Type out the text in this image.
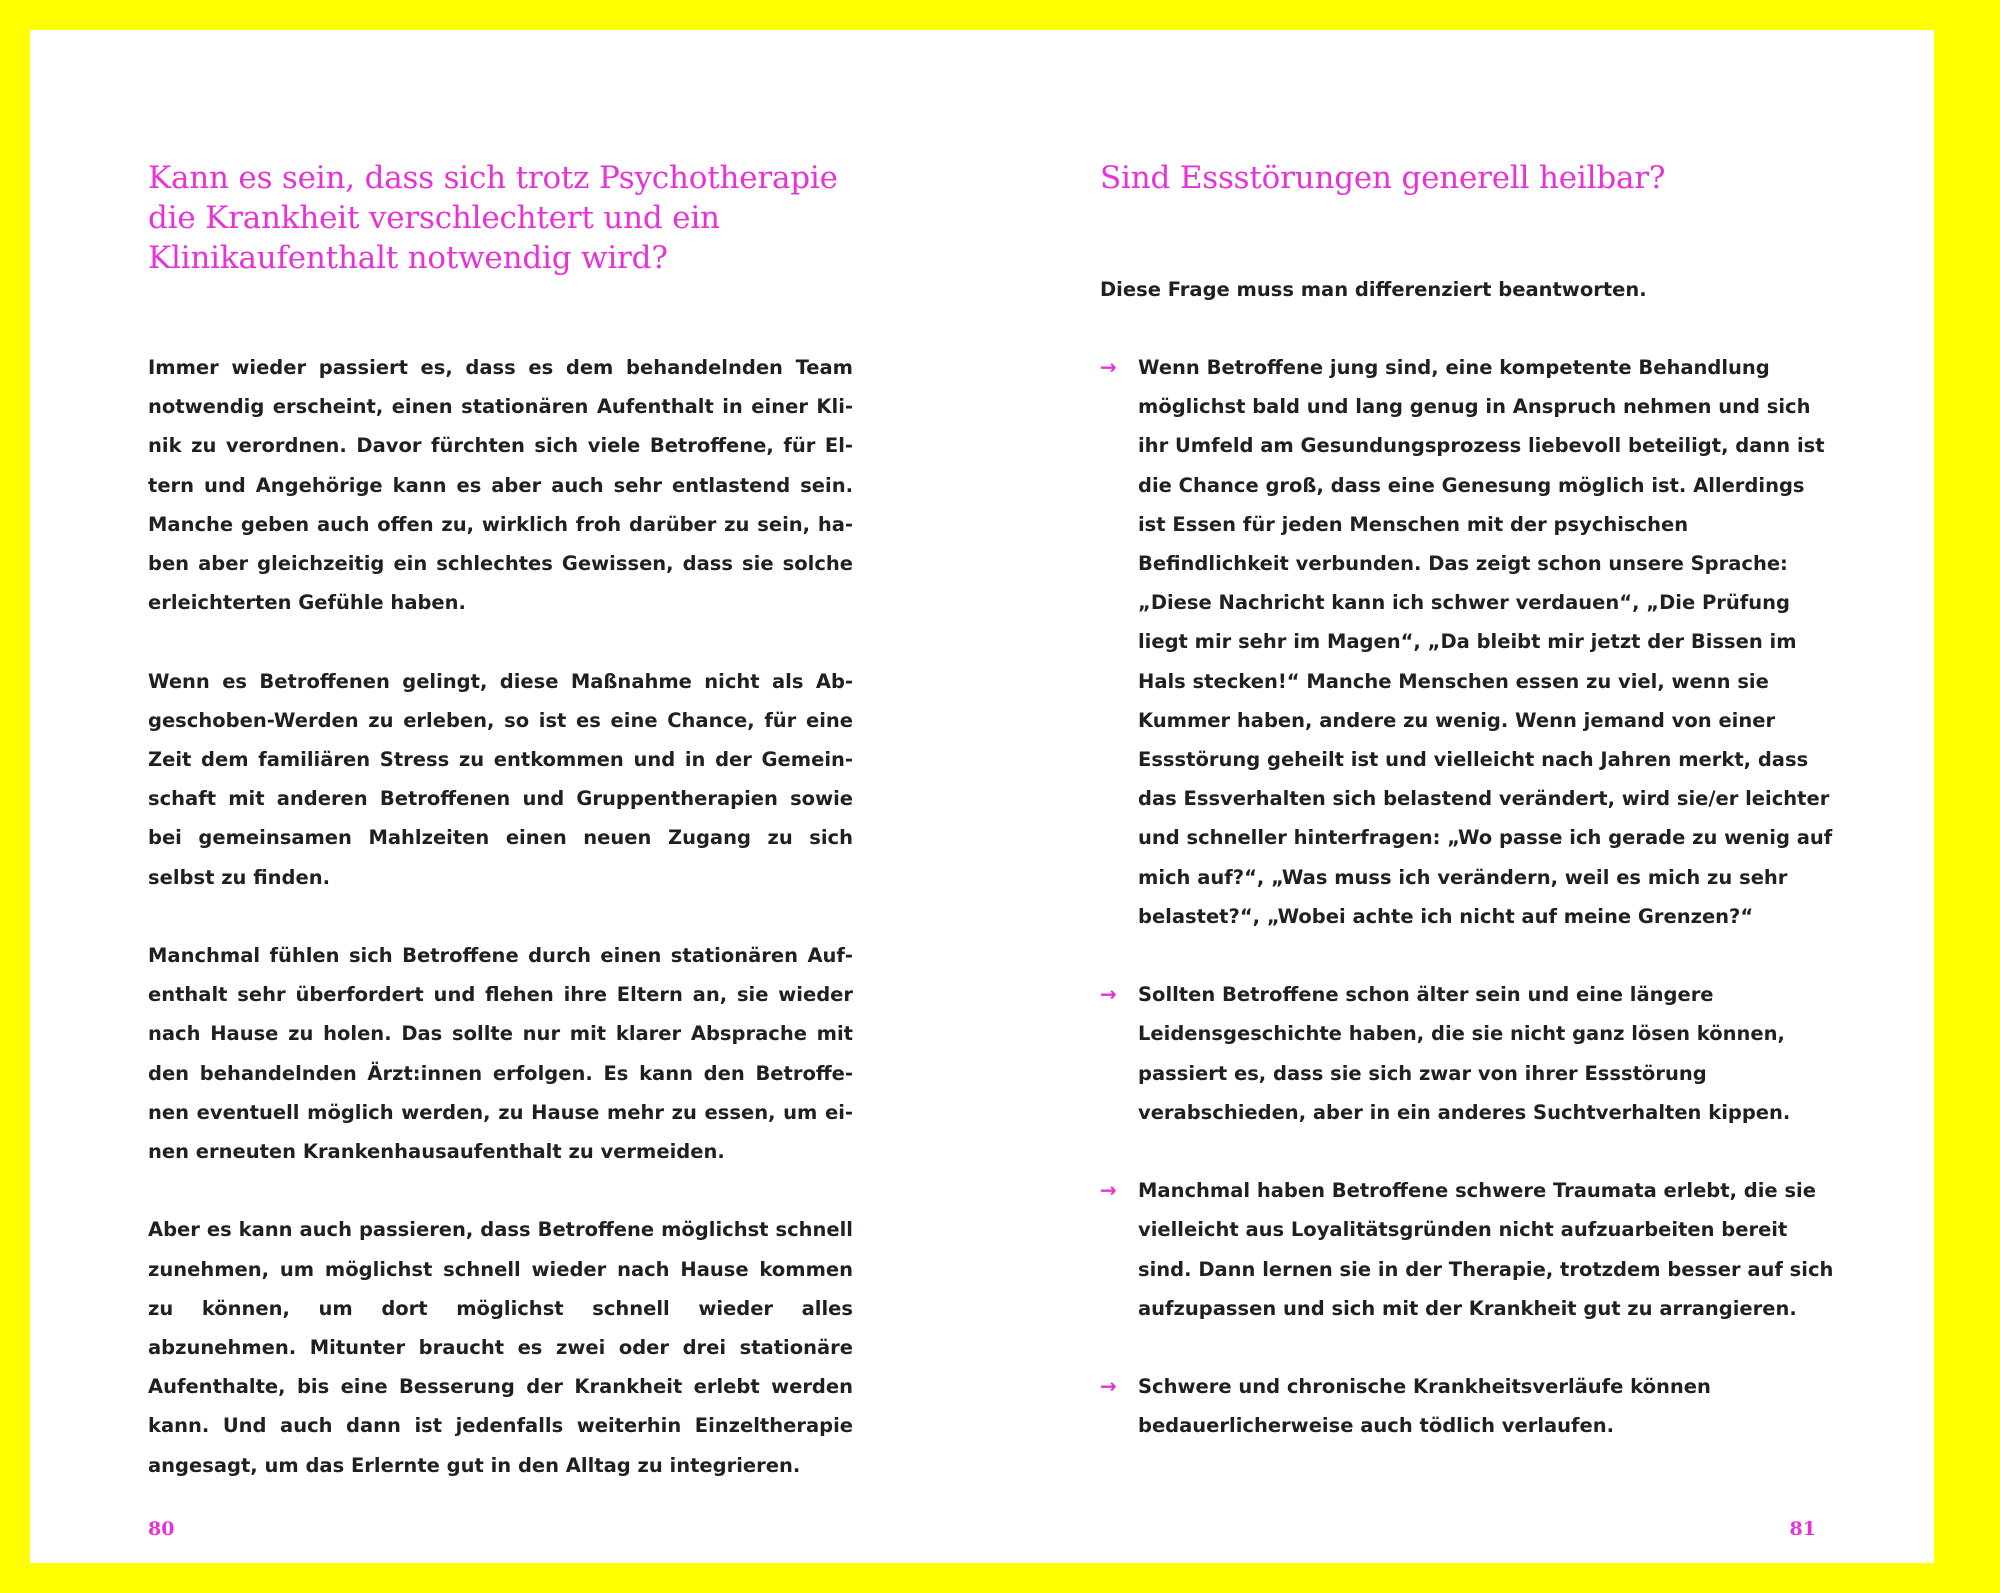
Kann es sein, dass sich trotz Psychotherapie die Krankheit verschlechtert und ein Klinikaufenthalt notwendig wird?

Immer wieder passiert es, dass es dem behandelnden Team notwendig erscheint, einen stationären Aufenthalt in einer Klinik zu verordnen. Davor fürchten sich viele Betroffene, für Eltern und Angehörige kann es aber auch sehr entlastend sein. Manche geben auch offen zu, wirklich froh darüber zu sein, haben aber gleichzeitig ein schlechtes Gewissen, dass sie solche erleichterten Gefühle haben.

Wenn es Betroffenen gelingt, diese Maßnahme nicht als Abgeschoben-Werden zu erleben, so ist es eine Chance, für eine Zeit dem familiären Stress zu entkommen und in der Gemeinschaft mit anderen Betroffenen und Gruppentherapien sowie bei gemeinsamen Mahlzeiten einen neuen Zugang zu sich selbst zu finden.

Manchmal fühlen sich Betroffene durch einen stationären Aufenthalt sehr überfordert und flehen ihre Eltern an, sie wieder nach Hause zu holen. Das sollte nur mit klarer Absprache mit den behandelnden Ärzt:innen erfolgen. Es kann den Betroffenen eventuell möglich werden, zu Hause mehr zu essen, um einen erneuten Krankenhausaufenthalt zu vermeiden.

Aber es kann auch passieren, dass Betroffene möglichst schnell zunehmen, um möglichst schnell wieder nach Hause kommen zu können, um dort möglichst schnell wieder alles abzunehmen. Mitunter braucht es zwei oder drei stationäre Aufenthalte, bis eine Besserung der Krankheit erlebt werden kann. Und auch dann ist jedenfalls weiterhin Einzeltherapie angesagt, um das Erlernte gut in den Alltag zu integrieren.

80
Sind Essstörungen generell heilbar?

Diese Frage muss man differenziert beantworten.

→ Wenn Betroffene jung sind, eine kompetente Behandlung möglichst bald und lang genug in Anspruch nehmen und sich ihr Umfeld am Gesundungsprozess liebevoll beteiligt, dann ist die Chance groß, dass eine Genesung möglich ist. Allerdings ist Essen für jeden Menschen mit der psychischen Befindlichkeit verbunden. Das zeigt schon unsere Sprache: „Diese Nachricht kann ich schwer verdauen“, „Die Prüfung liegt mir sehr im Magen“, „Da bleibt mir jetzt der Bissen im Hals stecken!“ Manche Menschen essen zu viel, wenn sie Kummer haben, andere zu wenig. Wenn jemand von einer Essstörung geheilt ist und vielleicht nach Jahren merkt, dass das Essverhalten sich belastend verändert, wird sie/er leichter und schneller hinterfragen: „Wo passe ich gerade zu wenig auf mich auf?“, „Was muss ich verändern, weil es mich zu sehr belastet?“, „Wobei achte ich nicht auf meine Grenzen?“
→ Sollten Betroffene schon älter sein und eine längere Leidensgeschichte haben, die sie nicht ganz lösen können, passiert es, dass sie sich zwar von ihrer Essstörung verabschieden, aber in ein anderes Suchtverhalten kippen.
→ Manchmal haben Betroffene schwere Traumata erlebt, die sie vielleicht aus Loyalitätsgründen nicht aufzuarbeiten bereit sind. Dann lernen sie in der Therapie, trotzdem besser auf sich aufzupassen und sich mit der Krankheit gut zu arrangieren.
→ Schwere und chronische Krankheitsverläufe können bedauerlicherweise auch tödlich verlaufen.
81
